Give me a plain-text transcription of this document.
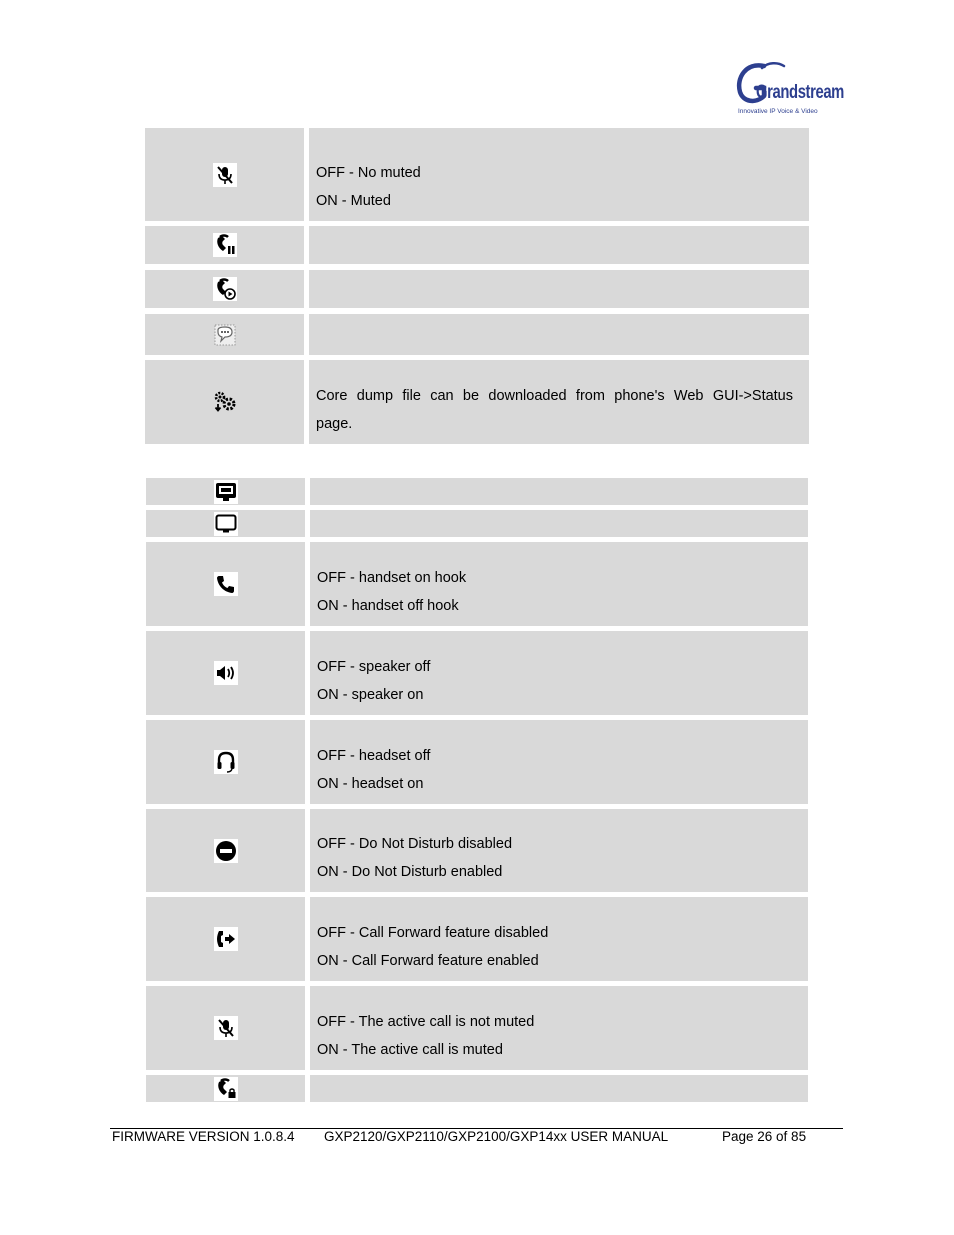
Grandstream
Innovative IP Voice & Video
OFF - No muted
ON - Muted
Core dump file can be downloaded from phone's Web GUI->Status
page.
OFF - handset on hook
ON - handset off hook
OFF - speaker off
ON - speaker on
OFF - headset off
ON - headset on
OFF - Do Not Disturb disabled
ON - Do Not Disturb enabled
OFF - Call Forward feature disabled
ON - Call Forward feature enabled
OFF - The active call is not muted
ON - The active call is muted
FIRMWARE VERSION 1.0.8.4 GXP2120/GXP2110/GXP2100/GXP14xx USER MANUAL	Page 26 of 85
